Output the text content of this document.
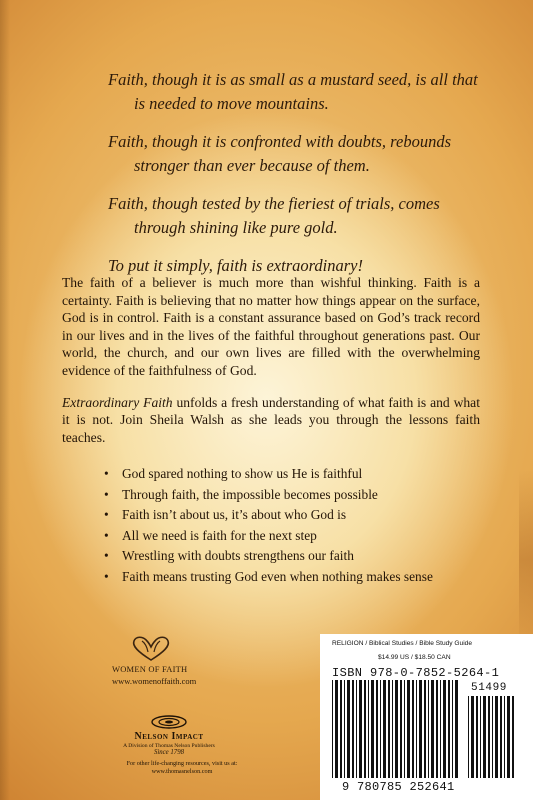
Faith, though it is as small as a mustard seed, is all that
is needed to move mountains.

Faith, though it is confronted with doubts, rebounds
stronger than ever because of them.

Faith, though tested by the fieriest of trials, comes
through shining like pure gold.

To put it simply, faith is extraordinary!

The faith of a believer is much more than wishful thinking. Faith is a certainty. Faith is believing that no matter how things appear on the surface, God is in control. Faith is a constant assurance based on God’s track record in our lives and in the lives of the faithful throughout generations past. Our world, the church, and our own lives are filled with the overwhelming evidence of the faithfulness of God.

Extraordinary Faith unfolds a fresh understanding of what faith is and what it is not. Join Sheila Walsh as she leads you through the lessons faith teaches.

• God spared nothing to show us He is faithful
• Through faith, the impossible becomes possible
• Faith isn’t about us, it’s about who God is
• All we need is faith for the next step
• Wrestling with doubts strengthens our faith
• Faith means trusting God even when nothing makes sense
WOMEN OF FAITH
www.womenoffaith.com
Nelson Impact
A Division of Thomas Nelson Publishers
Since 1798
For other life-changing resources, visit us at:
www.thomasnelson.com
RELIGION / Biblical Studies / Bible Study Guide
$14.99 US / $18.50 CAN
ISBN 978-0-7852-5264-1
51499
9 780785 252641
